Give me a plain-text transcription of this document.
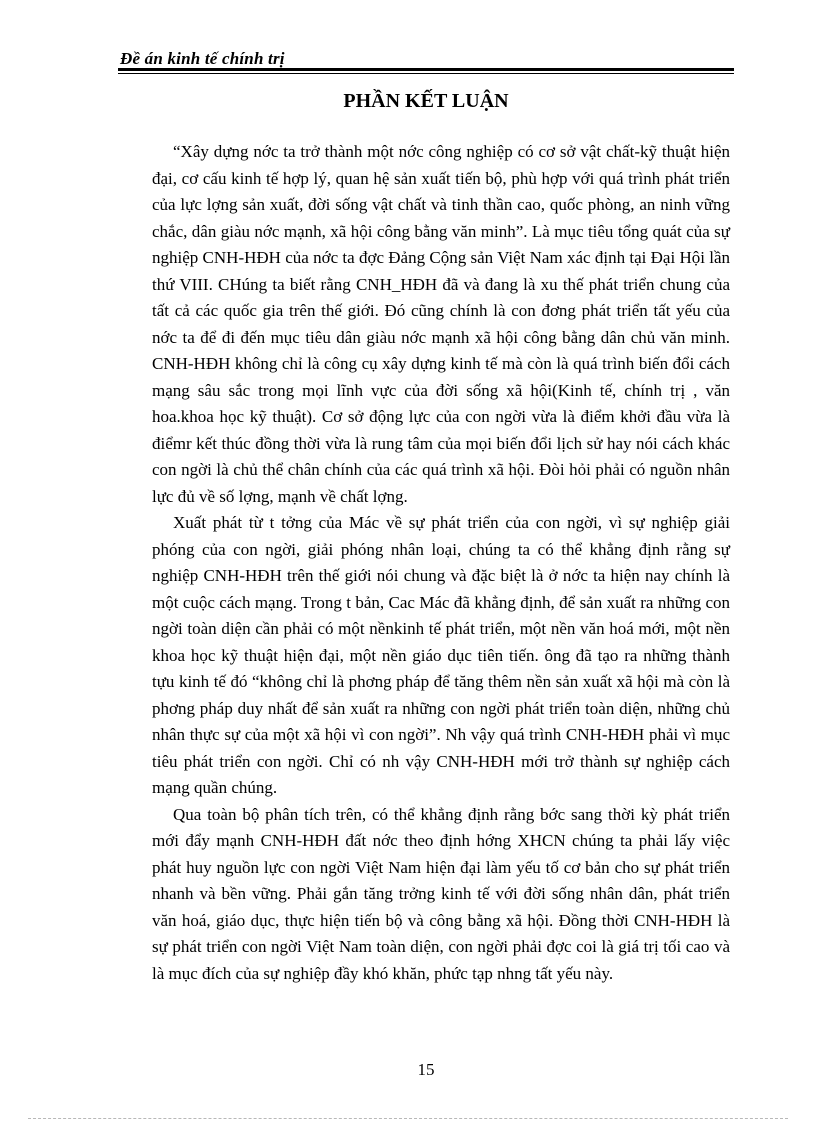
Đề án kinh tế chính trị
PHẦN KẾT LUẬN

“Xây dựng nớc ta trở thành một nớc công nghiệp có cơ sở vật chất-kỹ thuật hiện đại, cơ cấu kinh tế hợp lý, quan hệ sản xuất tiến bộ, phù hợp với quá trình phát triển của lực lợng sản xuất, đời sống vật chất và tinh thần cao, quốc phòng, an ninh vững chắc, dân giàu nớc mạnh, xã hội công bằng văn minh”. Là mục tiêu tổng quát của sự nghiệp CNH-HĐH của nớc ta đợc Đảng Cộng sản Việt Nam xác định tại Đại Hội lần thứ VIII. CHúng ta biết rằng CNH_HĐH đã và đang là xu thế phát triển chung của tất cả các quốc gia trên thế giới. Đó cũng chính là con đơng phát triển tất yếu của nớc ta để đi đến mục tiêu dân giàu nớc mạnh xã hội công bằng dân chủ văn minh. CNH-HĐH không chỉ là công cụ xây dựng kinh tế mà còn là quá trình biến đổi cách mạng sâu sắc trong mọi lĩnh vực của đời sống xã hội(Kinh tế, chính trị , văn hoa.khoa học kỹ thuật). Cơ sở động lực của con ngời vừa là điểm khởi đầu vừa là điểmr kết thúc đồng thời vừa là rung tâm của mọi biến đổi lịch sử hay nói cách khác con ngời là chủ thể chân chính của các quá trình xã hội. Đòi hỏi phải có nguồn nhân lực đủ về số lợng, mạnh về chất lợng.

Xuất phát từ t tởng của Mác về sự phát triển của con ngời, vì sự nghiệp giải phóng của con ngời, giải phóng nhân loại, chúng ta có thể khẳng định rằng sự nghiệp CNH-HĐH trên thế giới nói chung và đặc biệt là ở nớc ta hiện nay chính là một cuộc cách mạng. Trong t bản, Cac Mác đã khẳng định, để sản xuất ra những con ngời toàn diện cần phải có một nềnkinh tế phát triển, một nền văn hoá mới, một nền khoa học kỹ thuật hiện đại, một nền giáo dục tiên tiến. ông đã tạo ra những thành tựu kinh tế đó “không chỉ là phơng pháp để tăng thêm nền sản xuất xã hội mà còn là phơng pháp duy nhất để sản xuất ra những con ngời phát triển toàn diện, những chủ nhân thực sự của một xã hội vì con ngời”. Nh vậy quá trình CNH-HĐH phải vì mục tiêu phát triển con ngời. Chỉ có nh vậy CNH-HĐH mới trở thành sự nghiệp cách mạng quần chúng.

Qua toàn bộ phân tích trên, có thể khẳng định rằng bớc sang thời kỳ phát triển mới đẩy mạnh CNH-HĐH đất nớc theo định hớng XHCN chúng ta phải lấy việc phát huy nguồn lực con ngời Việt Nam hiện đại làm yếu tố cơ bản cho sự phát triển nhanh và bền vững. Phải gắn tăng trởng kinh tế với đời sống nhân dân, phát triển văn hoá, giáo dục, thực hiện tiến bộ và công bằng xã hội. Đồng thời CNH-HĐH là sự phát triển con ngời Việt Nam toàn diện, con ngời phải đợc coi là giá trị tối cao và là mục đích của sự nghiệp đầy khó khăn, phức tạp nhng tất yếu này.

15
